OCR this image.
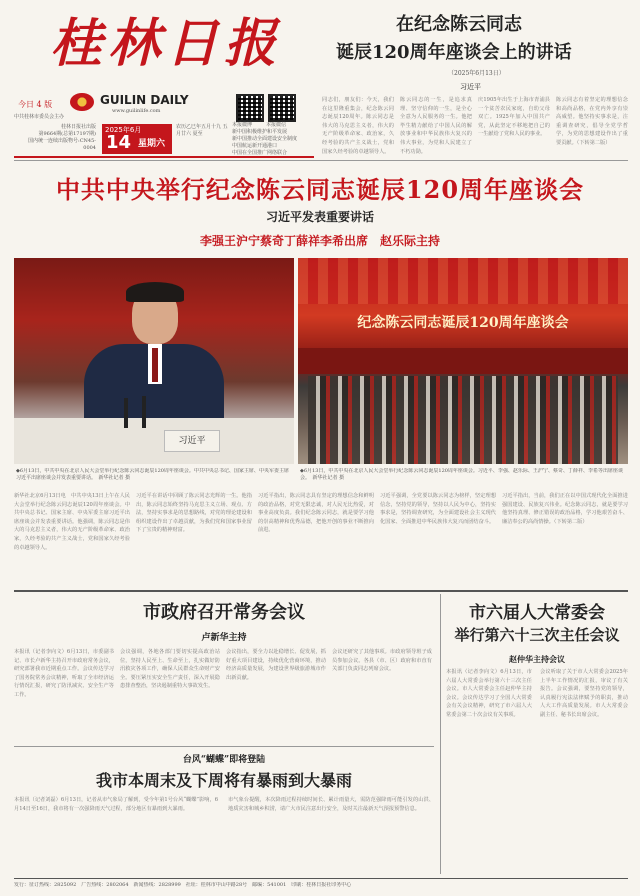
桂林日报
今日 4 版
中共桂林市委员会主办
GUILIN DAILY
www.guilinlife.com
桂林日报社出版
第9664期(总第17197期)
国内统一连续出版物号:CN45-0004
2025年6月
14 星期六
农历乙巳年五月十九 五月廿六 夏至
本报微博	本报微信
新中国积极维护和平发展
新中国推动全面建设安全制度
中国航运新开通港口
中国在全国推广网络联合
在纪念陈云同志
诞辰120周年座谈会上的讲话
（2025年6月13日）
习近平
同志们，朋友们：今天，我们在这里隆重集会，纪念陈云同志诞辰120周年。陈云同志是伟大的马克思主义者，伟大的无产阶级革命家、政治家，久经考验的共产主义战士，党和国家久经考验的卓越领导人。
陈云同志的一生，是追求真理、坚守信仰的一生，是全心全意为人民服务的一生。他把毕生精力献给了中国人民的解放事业和中华民族伟大复兴的伟大事业，为党和人民建立了不朽功勋。
庆1905年出生于上海市青浦县一个贫苦农民家庭，自幼父母双亡。1925年加入中国共产党，从此坚定不移地把自己的一生献给了党和人民的事业。
陈云同志有着坚定的理想信念和高尚品格，在党内外享有崇高威望。他坚持实事求是，注重调查研究，倡导全党学哲学，为党的思想建设作出了重要贡献。（下转第二版）
中共中央举行纪念陈云同志诞辰120周年座谈会
习近平发表重要讲话
李强王沪宁蔡奇丁薛祥李希出席　赵乐际主持
习近平
纪念陈云同志诞辰120周年座谈会
◆6月13日，中共中央在北京人民大会堂举行纪念陈云同志诞辰120周年座谈会。中共中央总书记、国家主席、中央军委主席习近平出席座谈会并发表重要讲话。　新华社记者 摄
◆6月13日，中共中央在北京人民大会堂举行纪念陈云同志诞辰120周年座谈会。习近平、李强、赵乐际、王沪宁、蔡奇、丁薛祥、李希等出席座谈会。　新华社记者 摄
新华社北京6月13日电　中共中央13日上午在人民大会堂举行纪念陈云同志诞辰120周年座谈会。中共中央总书记、国家主席、中央军委主席习近平出席座谈会并发表重要讲话。他强调，陈云同志是伟大的马克思主义者，伟大的无产阶级革命家、政治家，久经考验的共产主义战士，党和国家久经考验的卓越领导人。
习近平在讲话中回顾了陈云同志光辉的一生。他指出，陈云同志始终坚持马克思主义立场、观点、方法，坚持实事求是的思想路线，对党的理论建设和组织建设作出了卓越贡献，为我们党和国家事业留下了宝贵的精神财富。
习近平指出，陈云同志具有坚定的理想信念和鲜明的政治品格，对党无限忠诚，对人民无比热爱，对事业高度负责。我们纪念陈云同志，就是要学习他的崇高精神和优秀品德，把他开创的事业不断推向前进。
习近平强调，全党要以陈云同志为榜样，坚定理想信念，坚持党的领导，坚持以人民为中心，坚持实事求是，坚持调查研究，为全面建设社会主义现代化国家、全面推进中华民族伟大复兴而团结奋斗。
习近平指出，当前，我们正在以中国式现代化全面推进强国建设、民族复兴伟业。纪念陈云同志，就是要学习他坚持真理、修正错误的政治品格，学习他艰苦奋斗、廉洁奉公的高尚情操。（下转第二版）
市政府召开常务会议
卢新华主持
本报讯（记者李向文）6月13日，市委副书记、市长卢新华主持召开市政府常务会议，研究部署我市近期重点工作。会议传达学习了国务院常务会议精神，听取了全市经济运行情况汇报，研究了防汛减灾、安全生产等工作。
会议强调，各地各部门要切实提高政治站位，坚持人民至上、生命至上，扎实做好防汛救灾各项工作，确保人民群众生命财产安全。要压紧压实安全生产责任，深入开展隐患排查整治，坚决遏制重特大事故发生。
会议指出，要全力以赴稳增长、促发展，抓好重大项目建设，持续优化营商环境，推动经济高质量发展，为建设世界级旅游城市作出新贡献。
会议还研究了其他事项。市政府领导班子成员参加会议。各县（市、区）政府和市直有关部门负责同志列席会议。
市六届人大常委会
举行第六十三次主任会议
赵仲华主持会议
本报讯（记者李向文）6月13日，市六届人大常委会举行第六十三次主任会议。市人大常委会主任赵仲华主持会议。会议传达学习了全国人大常委会有关会议精神，研究了市六届人大常委会第二十次会议有关事项。
会议听取了关于市人大常委会2025年上半年工作情况的汇报，审议了有关报告。会议强调，要坚持党的领导，认真履行宪法法律赋予的职责，推动人大工作高质量发展。市人大常委会副主任、秘书长出席会议。
台风“蝴蝶”即将登陆
我市本周末及下周将有暴雨到大暴雨
本报讯（记者刘磊）6月13日，记者从市气象局了解到，受今年第1号台风“蝴蝶”影响，6月14日至16日，我市将有一次强降雨天气过程，部分地区有暴雨到大暴雨。
市气象台提醒，本次降雨过程持续时间长、累计雨量大，需防范强降雨可能引发的山洪、地质灾害和城乡积涝，请广大市民注意出行安全，及时关注最新天气预报预警信息。
发行：征订热线：2825092　广告热线：2802064　新闻热线：2828999　社址：桂林市中山中路28号　邮编：541001　印刷：桂林日报社印务中心
